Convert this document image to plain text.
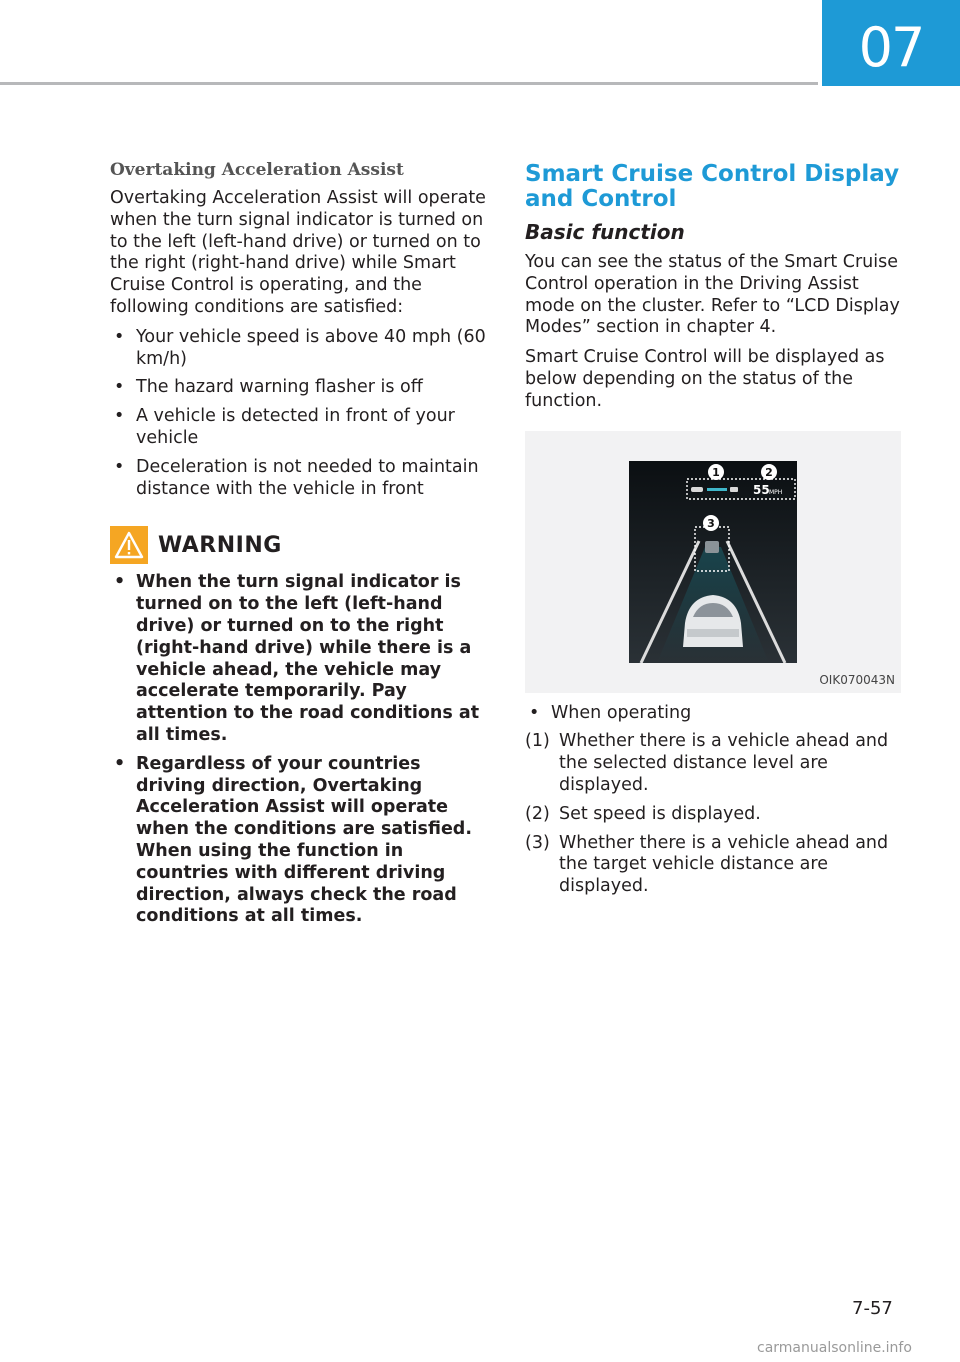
07
Overtaking Acceleration Assist

Overtaking Acceleration Assist will operate when the turn signal indicator is turned on to the left (left-hand drive) or turned on to the right (right-hand drive) while Smart Cruise Control is operating, and the following conditions are satisfied:

• Your vehicle speed is above 40 mph (60 km/h)
• The hazard warning flasher is off
• A vehicle is detected in front of your vehicle
• Deceleration is not needed to maintain distance with the vehicle in front
WARNING
• When the turn signal indicator is turned on to the left (left-hand drive) or turned on to the right (right-hand drive) while there is a vehicle ahead, the vehicle may accelerate temporarily. Pay attention to the road conditions at all times.
• Regardless of your countries driving direction, Overtaking Acceleration Assist will operate when the conditions are satisfied. When using the function in countries with different driving direction, always check the road conditions at all times.
Smart Cruise Control Display and Control
Basic function

You can see the status of the Smart Cruise Control operation in the Driving Assist mode on the cluster. Refer to “LCD Display Modes” section in chapter 4.

Smart Cruise Control will be displayed as below depending on the status of the function.

55 MPH
1	2
3
OIK070043N
• When operating
(1) Whether there is a vehicle ahead and the selected distance level are displayed.
(2) Set speed is displayed.
(3) Whether there is a vehicle ahead and the target vehicle distance are displayed.
7-57
carmanualsonline.info
